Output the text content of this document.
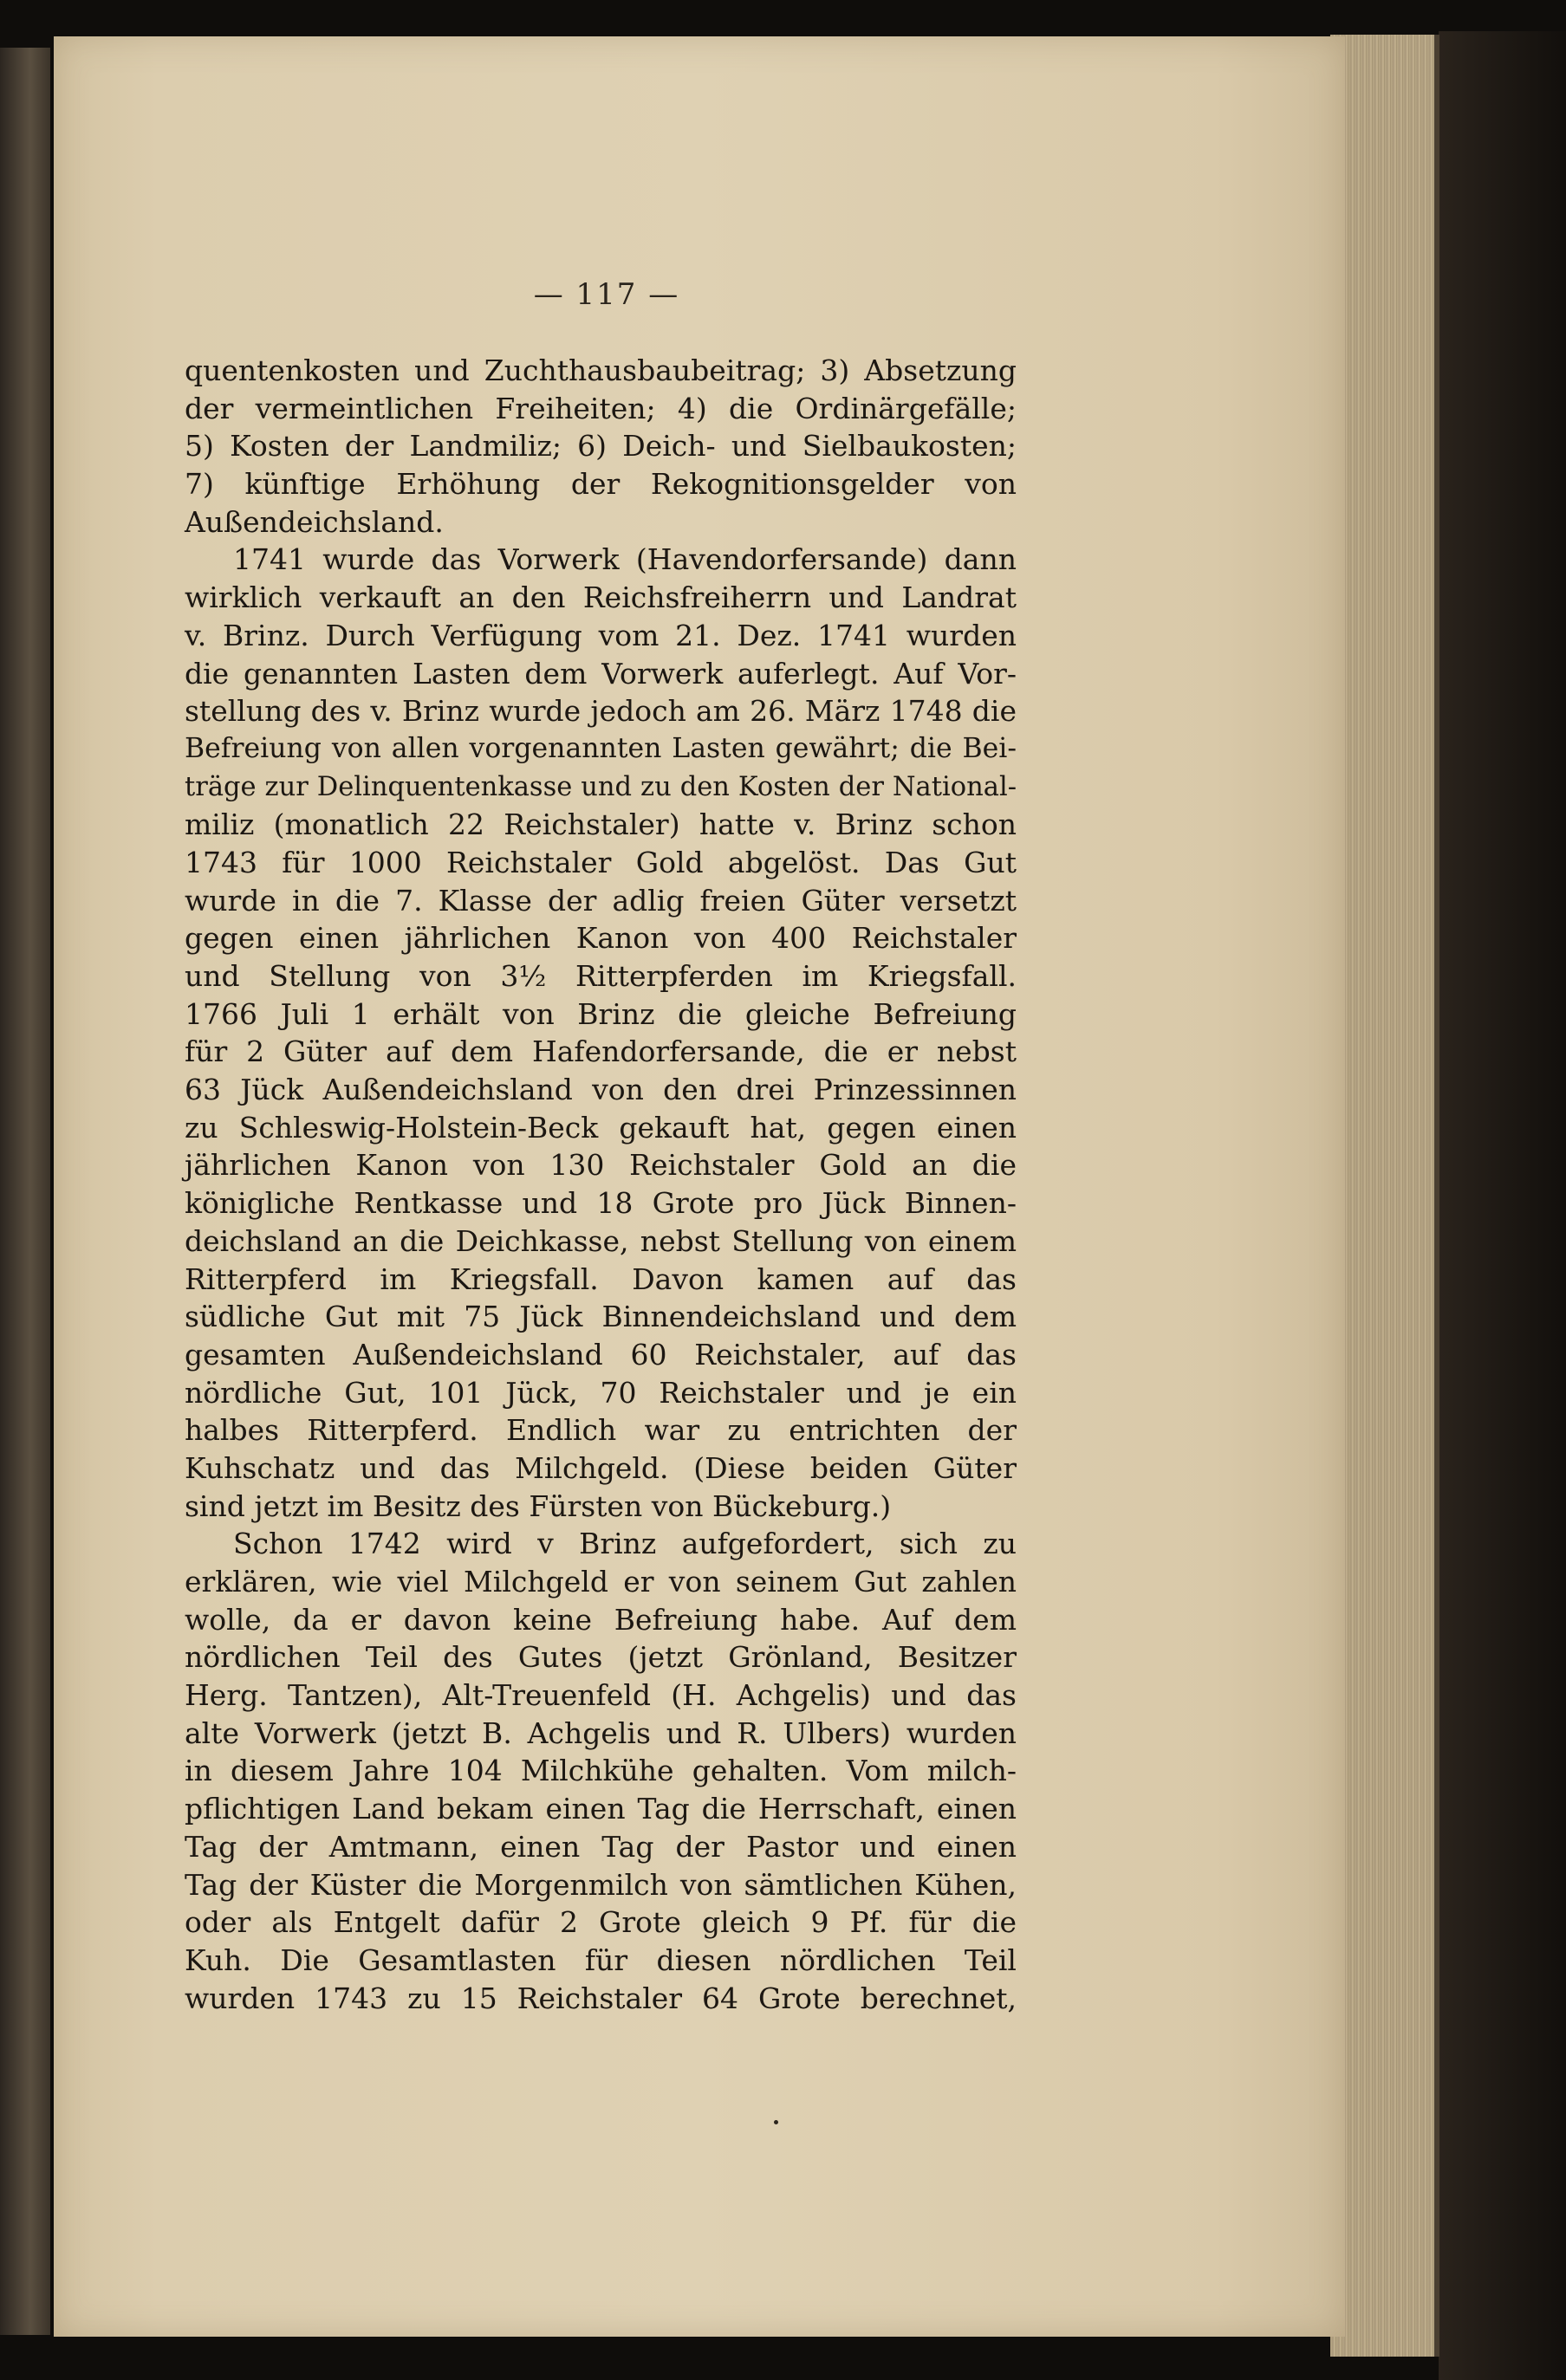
— 117 —
quentenkosten und Zuchthausbaubeitrag; 3) Absetzung
der vermeintlichen Freiheiten; 4) die Ordinärgefälle;
5) Kosten der Landmiliz; 6) Deich- und Sielbaukosten;
7) künftige Erhöhung der Rekognitionsgelder von
Außendeichsland.
1741 wurde das Vorwerk (Havendorfersande) dann
wirklich verkauft an den Reichsfreiherrn und Landrat
v. Brinz. Durch Verfügung vom 21. Dez. 1741 wurden
die genannten Lasten dem Vorwerk auferlegt. Auf Vor-
stellung des v. Brinz wurde jedoch am 26. März 1748 die
Befreiung von allen vorgenannten Lasten gewährt; die Bei-
träge zur Delinquentenkasse und zu den Kosten der National-
miliz (monatlich 22 Reichstaler) hatte v. Brinz schon
1743 für 1000 Reichstaler Gold abgelöst. Das Gut
wurde in die 7. Klasse der adlig freien Güter versetzt
gegen einen jährlichen Kanon von 400 Reichstaler
und Stellung von 3½ Ritterpferden im Kriegsfall.
1766 Juli 1 erhält von Brinz die gleiche Befreiung
für 2 Güter auf dem Hafendorfersande, die er nebst
63 Jück Außendeichsland von den drei Prinzessinnen
zu Schleswig-Holstein-Beck gekauft hat, gegen einen
jährlichen Kanon von 130 Reichstaler Gold an die
königliche Rentkasse und 18 Grote pro Jück Binnen-
deichsland an die Deichkasse, nebst Stellung von einem
Ritterpferd im Kriegsfall. Davon kamen auf das
südliche Gut mit 75 Jück Binnendeichsland und dem
gesamten Außendeichsland 60 Reichstaler, auf das
nördliche Gut, 101 Jück, 70 Reichstaler und je ein
halbes Ritterpferd. Endlich war zu entrichten der
Kuhschatz und das Milchgeld. (Diese beiden Güter
sind jetzt im Besitz des Fürsten von Bückeburg.)
Schon 1742 wird v Brinz aufgefordert, sich zu
erklären, wie viel Milchgeld er von seinem Gut zahlen
wolle, da er davon keine Befreiung habe. Auf dem
nördlichen Teil des Gutes (jetzt Grönland, Besitzer
Herg. Tantzen), Alt-Treuenfeld (H. Achgelis) und das
alte Vorwerk (jetzt B. Achgelis und R. Ulbers) wurden
in diesem Jahre 104 Milchkühe gehalten. Vom milch-
pflichtigen Land bekam einen Tag die Herrschaft, einen
Tag der Amtmann, einen Tag der Pastor und einen
Tag der Küster die Morgenmilch von sämtlichen Kühen,
oder als Entgelt dafür 2 Grote gleich 9 Pf. für die
Kuh. Die Gesamtlasten für diesen nördlichen Teil
wurden 1743 zu 15 Reichstaler 64 Grote berechnet,
